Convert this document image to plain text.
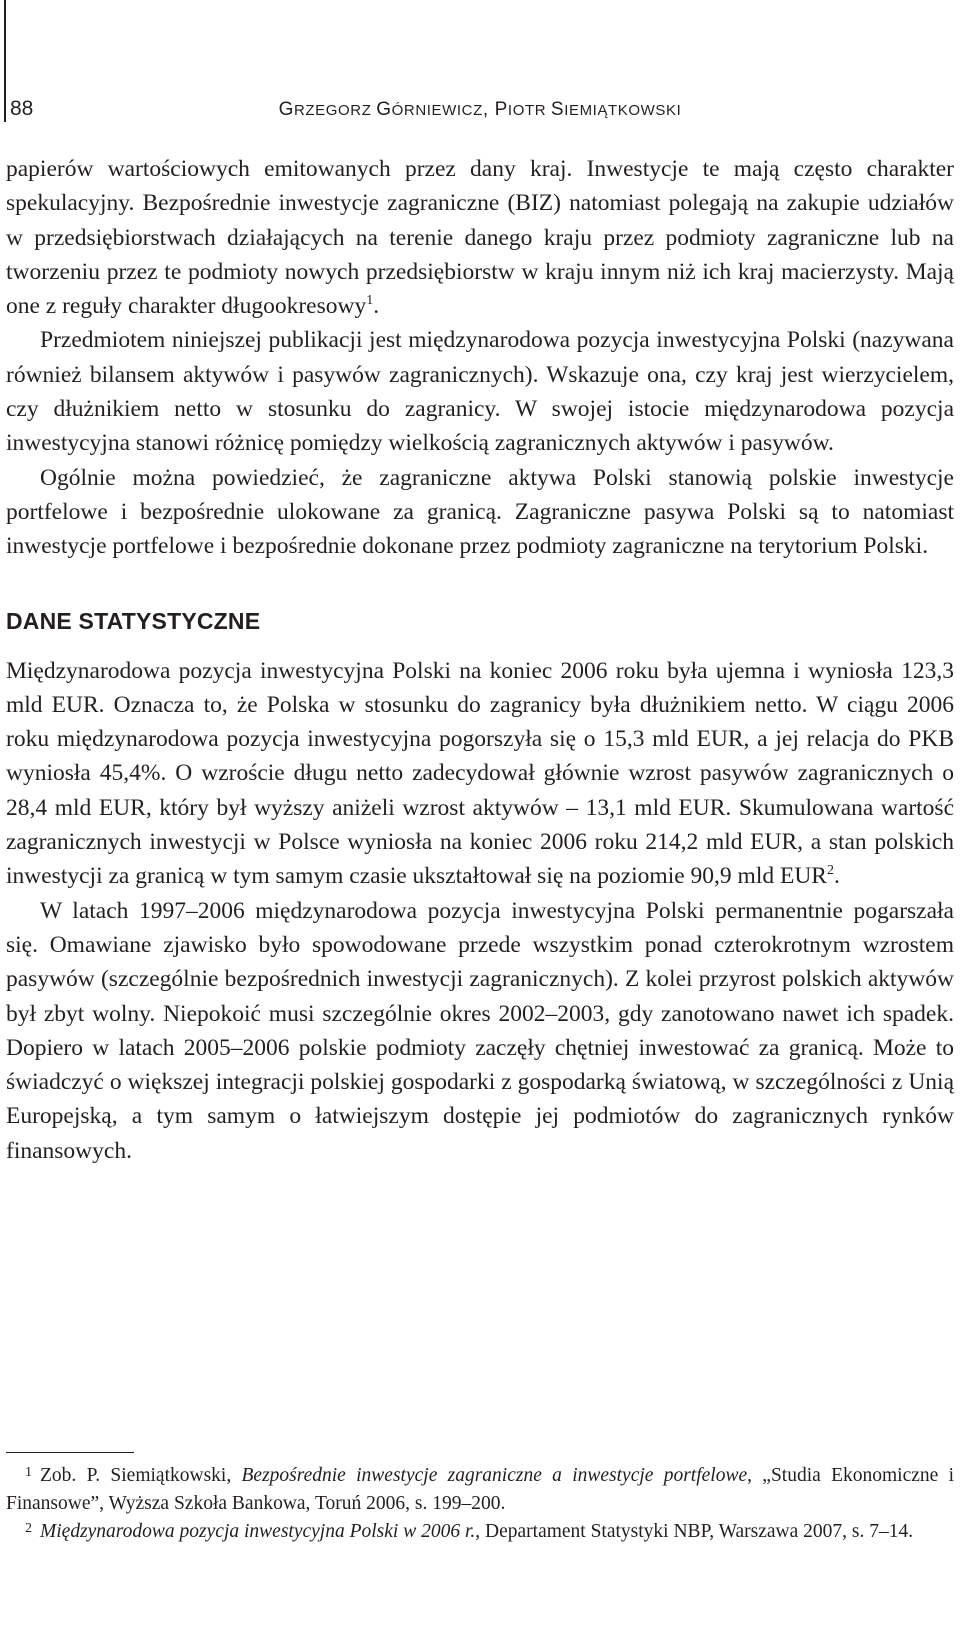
88	GRZEGORZ GÓRNIEWICZ, PIOTR SIEMIĄTKOWSKI

papierów wartościowych emitowanych przez dany kraj. Inwestycje te mają często charakter spekulacyjny. Bezpośrednie inwestycje zagraniczne (BIZ) natomiast polegają na zakupie udziałów w przedsiębiorstwach działających na terenie danego kraju przez podmioty zagraniczne lub na tworzeniu przez te podmioty nowych przedsiębiorstw w kraju innym niż ich kraj macierzysty. Mają one z reguły charakter długookresowy$^1$.

Przedmiotem niniejszej publikacji jest międzynarodowa pozycja inwestycyjna Polski (nazywana również bilansem aktywów i pasywów zagranicznych). Wskazuje ona, czy kraj jest wierzycielem, czy dłużnikiem netto w stosunku do zagranicy. W swojej istocie międzynarodowa pozycja inwestycyjna stanowi różnicę pomiędzy wielkością zagranicznych aktywów i pasywów.

Ogólnie można powiedzieć, że zagraniczne aktywa Polski stanowią polskie inwestycje portfelowe i bezpośrednie ulokowane za granicą. Zagraniczne pasywa Polski są to natomiast inwestycje portfelowe i bezpośrednie dokonane przez podmioty zagraniczne na terytorium Polski.

DANE STATYSTYCZNE

Międzynarodowa pozycja inwestycyjna Polski na koniec 2006 roku była ujemna i wyniosła 123,3 mld EUR. Oznacza to, że Polska w stosunku do zagranicy była dłużnikiem netto. W ciągu 2006 roku międzynarodowa pozycja inwestycyjna pogorszyła się o 15,3 mld EUR, a jej relacja do PKB wyniosła 45,4%. O wzroście długu netto zadecydował głównie wzrost pasywów zagranicznych o 28,4 mld EUR, który był wyższy aniżeli wzrost aktywów – 13,1 mld EUR. Skumulowana wartość zagranicznych inwestycji w Polsce wyniosła na koniec 2006 roku 214,2 mld EUR, a stan polskich inwestycji za granicą w tym samym czasie ukształtował się na poziomie 90,9 mld EUR$^2$.

W latach 1997–2006 międzynarodowa pozycja inwestycyjna Polski permanentnie pogarszała się. Omawiane zjawisko było spowodowane przede wszystkim ponad czterokrotnym wzrostem pasywów (szczególnie bezpośrednich inwestycji zagranicznych). Z kolei przyrost polskich aktywów był zbyt wolny. Niepokoić musi szczególnie okres 2002–2003, gdy zanotowano nawet ich spadek. Dopiero w latach 2005–2006 polskie podmioty zaczęły chętniej inwestować za granicą. Może to świadczyć o większej integracji polskiej gospodarki z gospodarką światową, w szczególności z Unią Europejską, a tym samym o łatwiejszym dostępie jej podmiotów do zagranicznych rynków finansowych.

1 Zob. P. Siemiątkowski, Bezpośrednie inwestycje zagraniczne a inwestycje portfelowe, „Studia Ekonomiczne i Finansowe”, Wyższa Szkoła Bankowa, Toruń 2006, s. 199–200.

2 Międzynarodowa pozycja inwestycyjna Polski w 2006 r., Departament Statystyki NBP, Warszawa 2007, s. 7–14.
